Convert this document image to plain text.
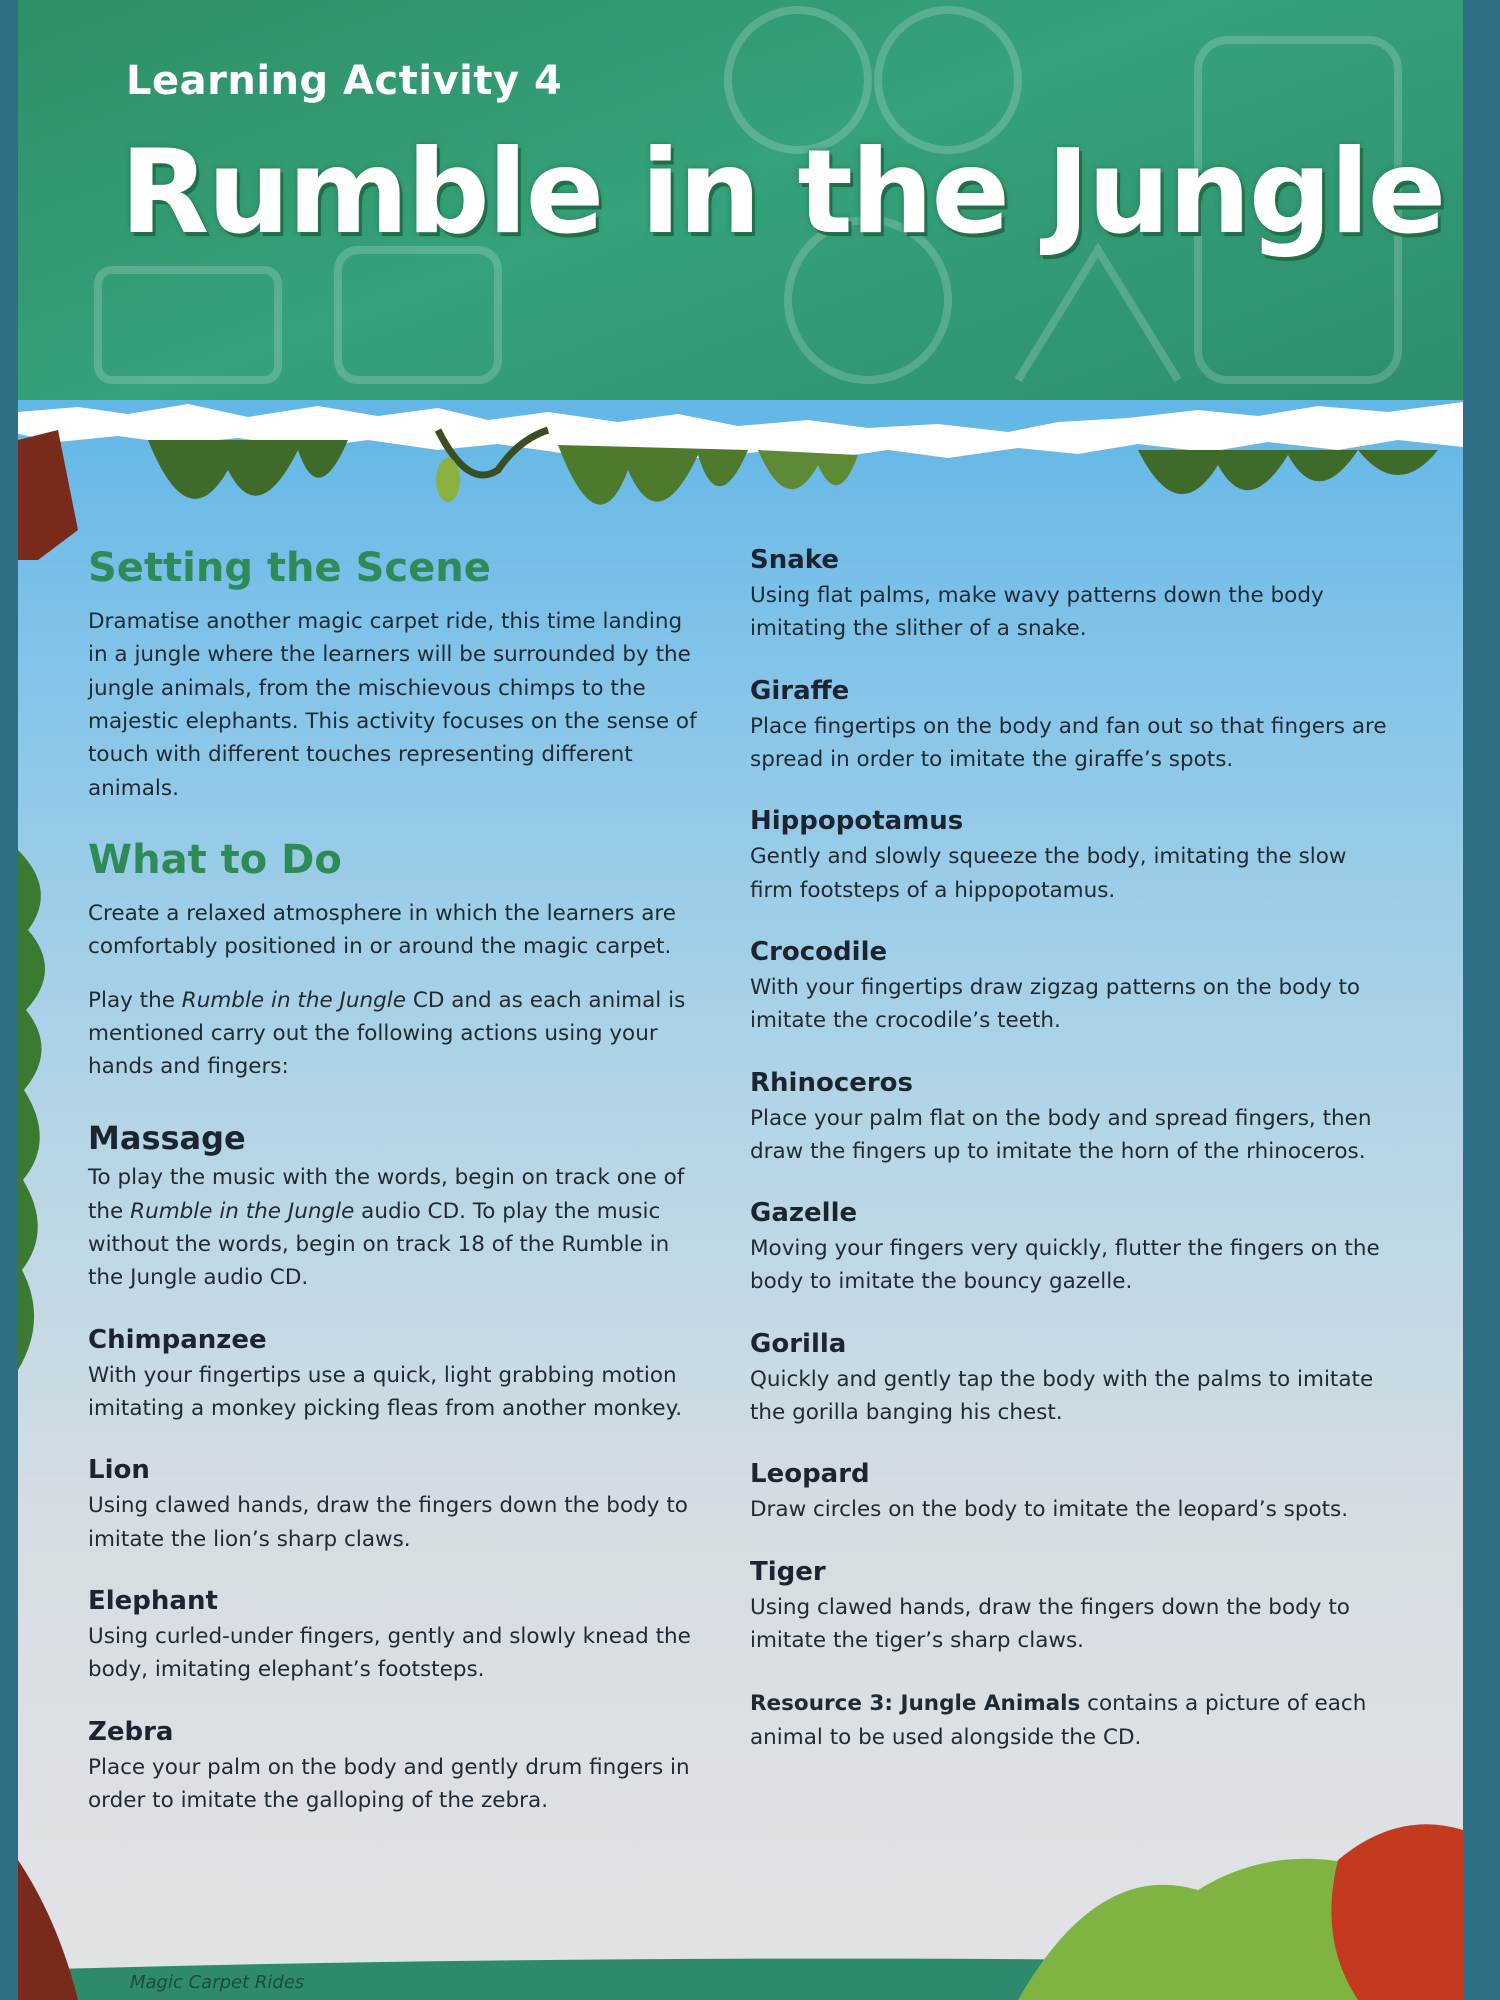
Learning Activity 4

Rumble in the Jungle
Setting the Scene

Dramatise another magic carpet ride, this time landing in a jungle where the learners will be surrounded by the jungle animals, from the mischievous chimps to the majestic elephants. This activity focuses on the sense of touch with different touches representing different animals.

What to Do

Create a relaxed atmosphere in which the learners are comfortably positioned in or around the magic carpet.

Play the Rumble in the Jungle CD and as each animal is mentioned carry out the following actions using your hands and fingers:

Massage

To play the music with the words, begin on track one of the Rumble in the Jungle audio CD. To play the music without the words, begin on track 18 of the Rumble in the Jungle audio CD.

Chimpanzee

With your fingertips use a quick, light grabbing motion imitating a monkey picking fleas from another monkey.

Lion

Using clawed hands, draw the fingers down the body to imitate the lion’s sharp claws.

Elephant

Using curled-under fingers, gently and slowly knead the body, imitating elephant’s footsteps.

Zebra

Place your palm on the body and gently drum fingers in order to imitate the galloping of the zebra.

Snake

Using flat palms, make wavy patterns down the body imitating the slither of a snake.

Giraffe

Place fingertips on the body and fan out so that fingers are spread in order to imitate the giraffe’s spots.

Hippopotamus

Gently and slowly squeeze the body, imitating the slow firm footsteps of a hippopotamus.

Crocodile

With your fingertips draw zigzag patterns on the body to imitate the crocodile’s teeth.

Rhinoceros

Place your palm flat on the body and spread fingers, then draw the fingers up to imitate the horn of the rhinoceros.

Gazelle

Moving your fingers very quickly, flutter the fingers on the body to imitate the bouncy gazelle.

Gorilla

Quickly and gently tap the body with the palms to imitate the gorilla banging his chest.

Leopard

Draw circles on the body to imitate the leopard’s spots.

Tiger

Using clawed hands, draw the fingers down the body to imitate the tiger’s sharp claws.

Resource 3: Jungle Animals contains a picture of each animal to be used alongside the CD.

Magic Carpet Rides
